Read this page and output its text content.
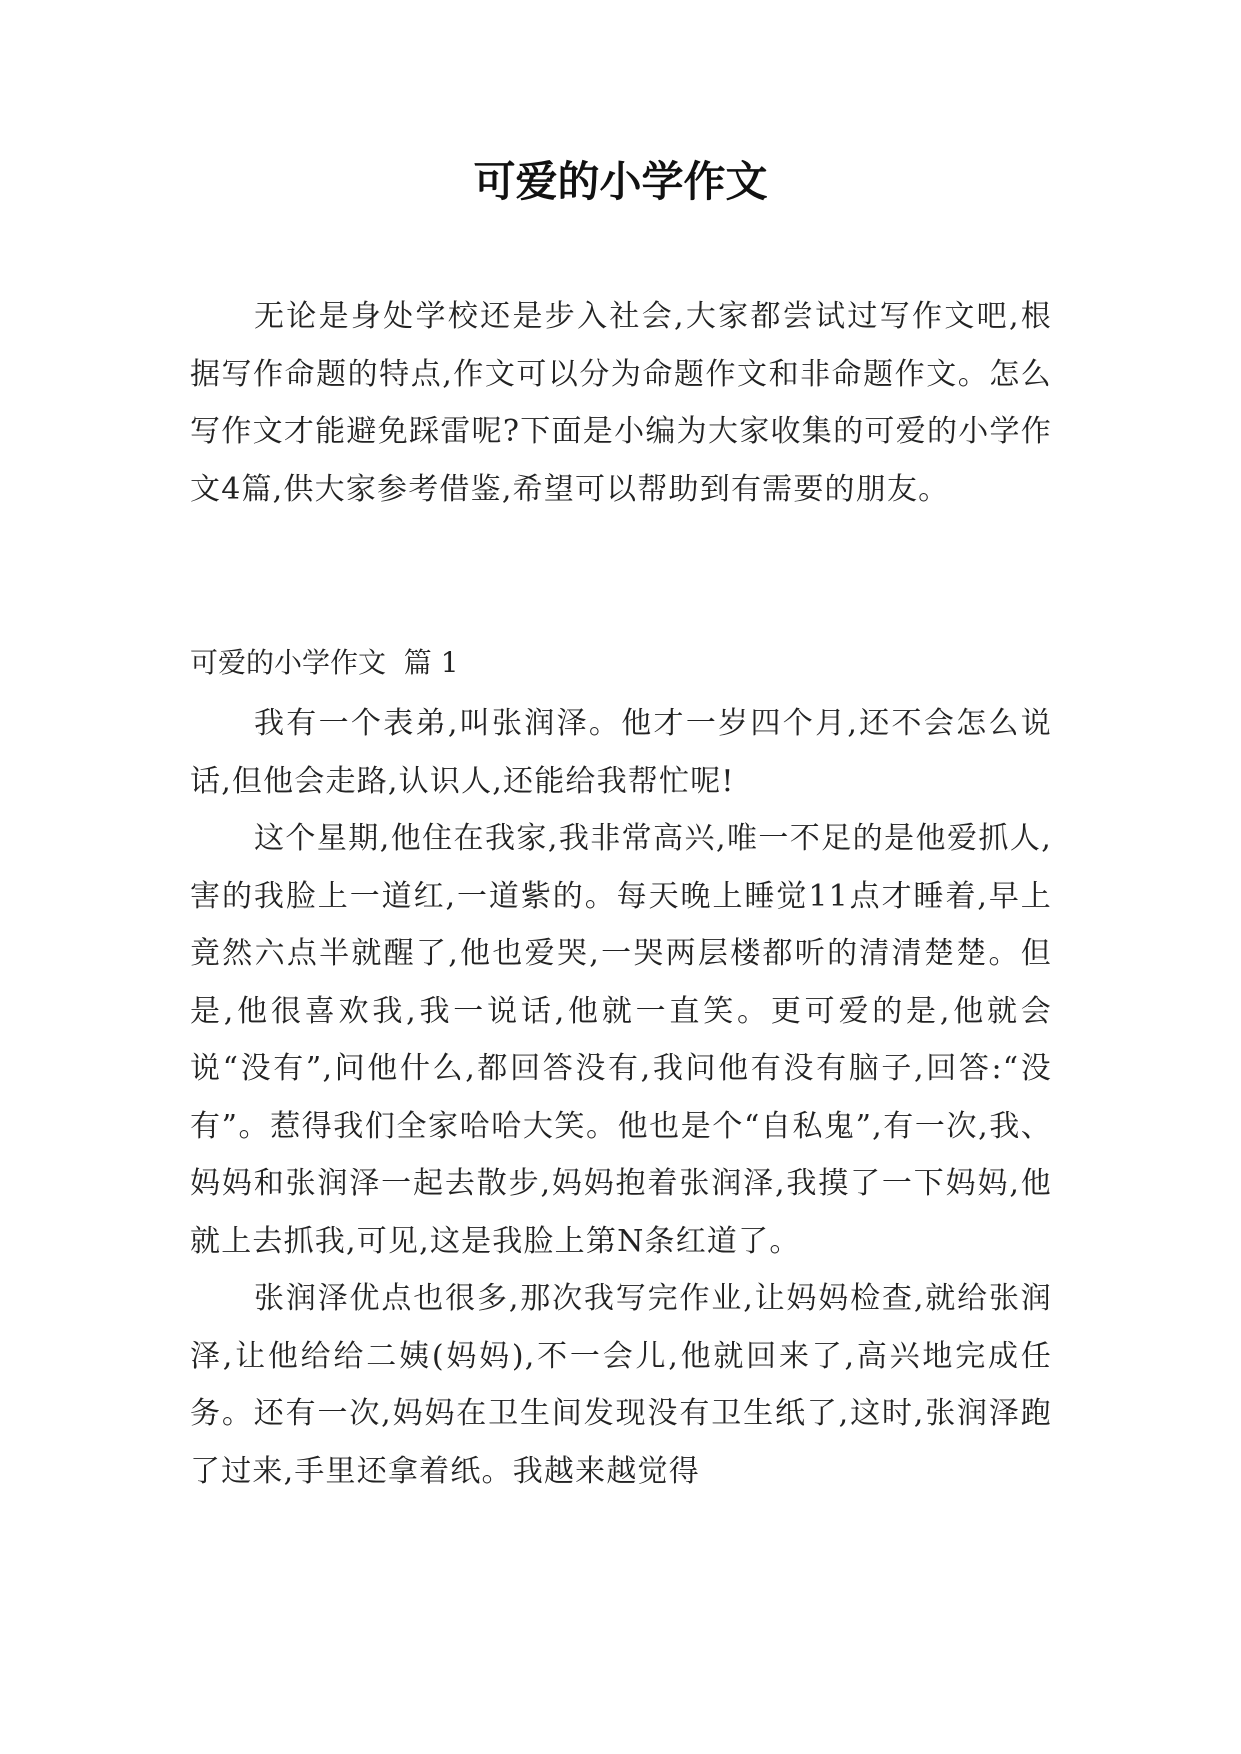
可爱的小学作文

无论是身处学校还是步入社会,大家都尝试过写作文吧,根据写作命题的特点,作文可以分为命题作文和非命题作文。怎么写作文才能避免踩雷呢?下面是小编为大家收集的可爱的小学作文4篇,供大家参考借鉴,希望可以帮助到有需要的朋友。

可爱的小学作文  篇 1

我有一个表弟,叫张润泽。他才一岁四个月,还不会怎么说话,但他会走路,认识人,还能给我帮忙呢!

这个星期,他住在我家,我非常高兴,唯一不足的是他爱抓人,害的我脸上一道红,一道紫的。每天晚上睡觉11点才睡着,早上竟然六点半就醒了,他也爱哭,一哭两层楼都听的清清楚楚。但是,他很喜欢我,我一说话,他就一直笑。更可爱的是,他就会说“没有”,问他什么,都回答没有,我问他有没有脑子,回答:“没有”。惹得我们全家哈哈大笑。他也是个“自私鬼”,有一次,我、妈妈和张润泽一起去散步,妈妈抱着张润泽,我摸了一下妈妈,他就上去抓我,可见,这是我脸上第N条红道了。

张润泽优点也很多,那次我写完作业,让妈妈检查,就给张润泽,让他给给二姨(妈妈),不一会儿,他就回来了,高兴地完成任务。还有一次,妈妈在卫生间发现没有卫生纸了,这时,张润泽跑了过来,手里还拿着纸。我越来越觉得
